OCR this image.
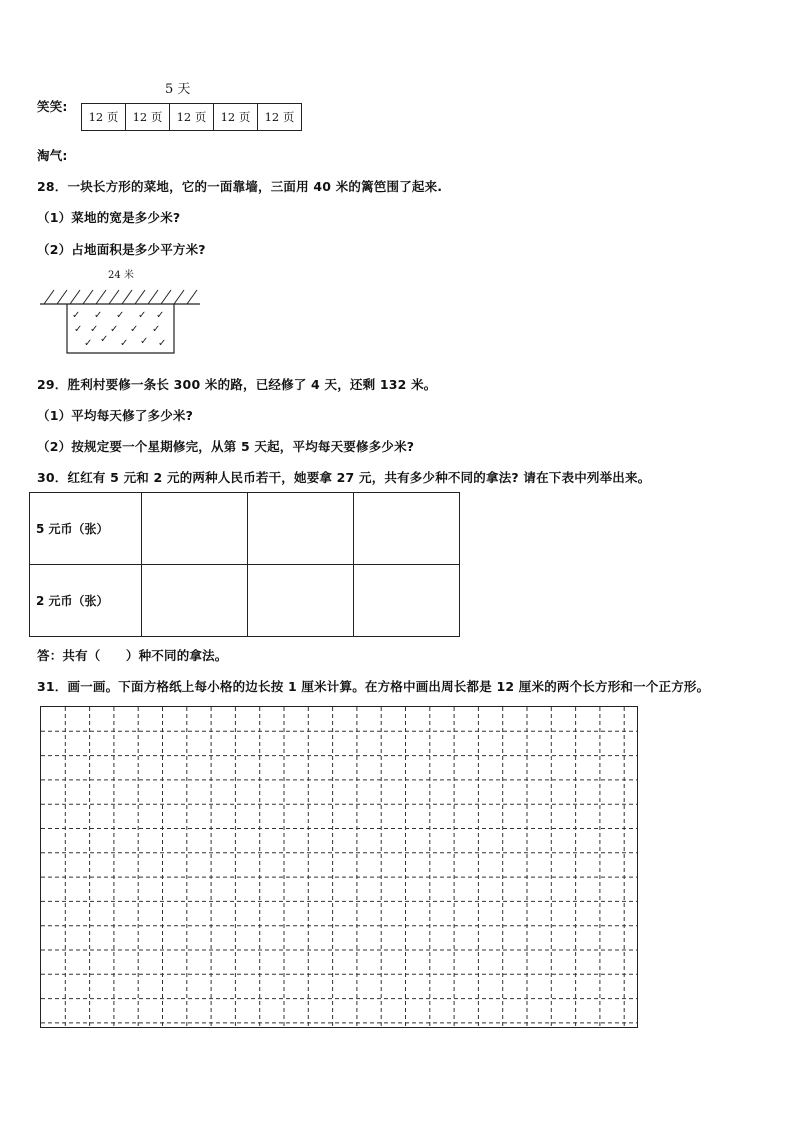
5 天
笑笑:
12 页	12 页	12 页	12 页	12 页
淘气:
28．一块长方形的菜地，它的一面靠墙，三面用 40 米的篱笆围了起来.
（1）菜地的宽是多少米?
（2）占地面积是多少平方米?
24 米
✓ ✓ ✓ ✓ ✓
✓ ✓ ✓ ✓ ✓
✓ ✓ ✓ ✓ ✓
29．胜利村要修一条长 300 米的路，已经修了 4 天，还剩 132 米。
（1）平均每天修了多少米?
（2）按规定要一个星期修完，从第 5 天起，平均每天要修多少米?
30．红红有 5 元和 2 元的两种人民币若干，她要拿 27 元，共有多少种不同的拿法? 请在下表中列举出来。
5 元币（张）			
2 元币（张）			
答：共有（　　）种不同的拿法。
31．画一画。下面方格纸上每小格的边长按 1 厘米计算。在方格中画出周长都是 12 厘米的两个长方形和一个正方形。
